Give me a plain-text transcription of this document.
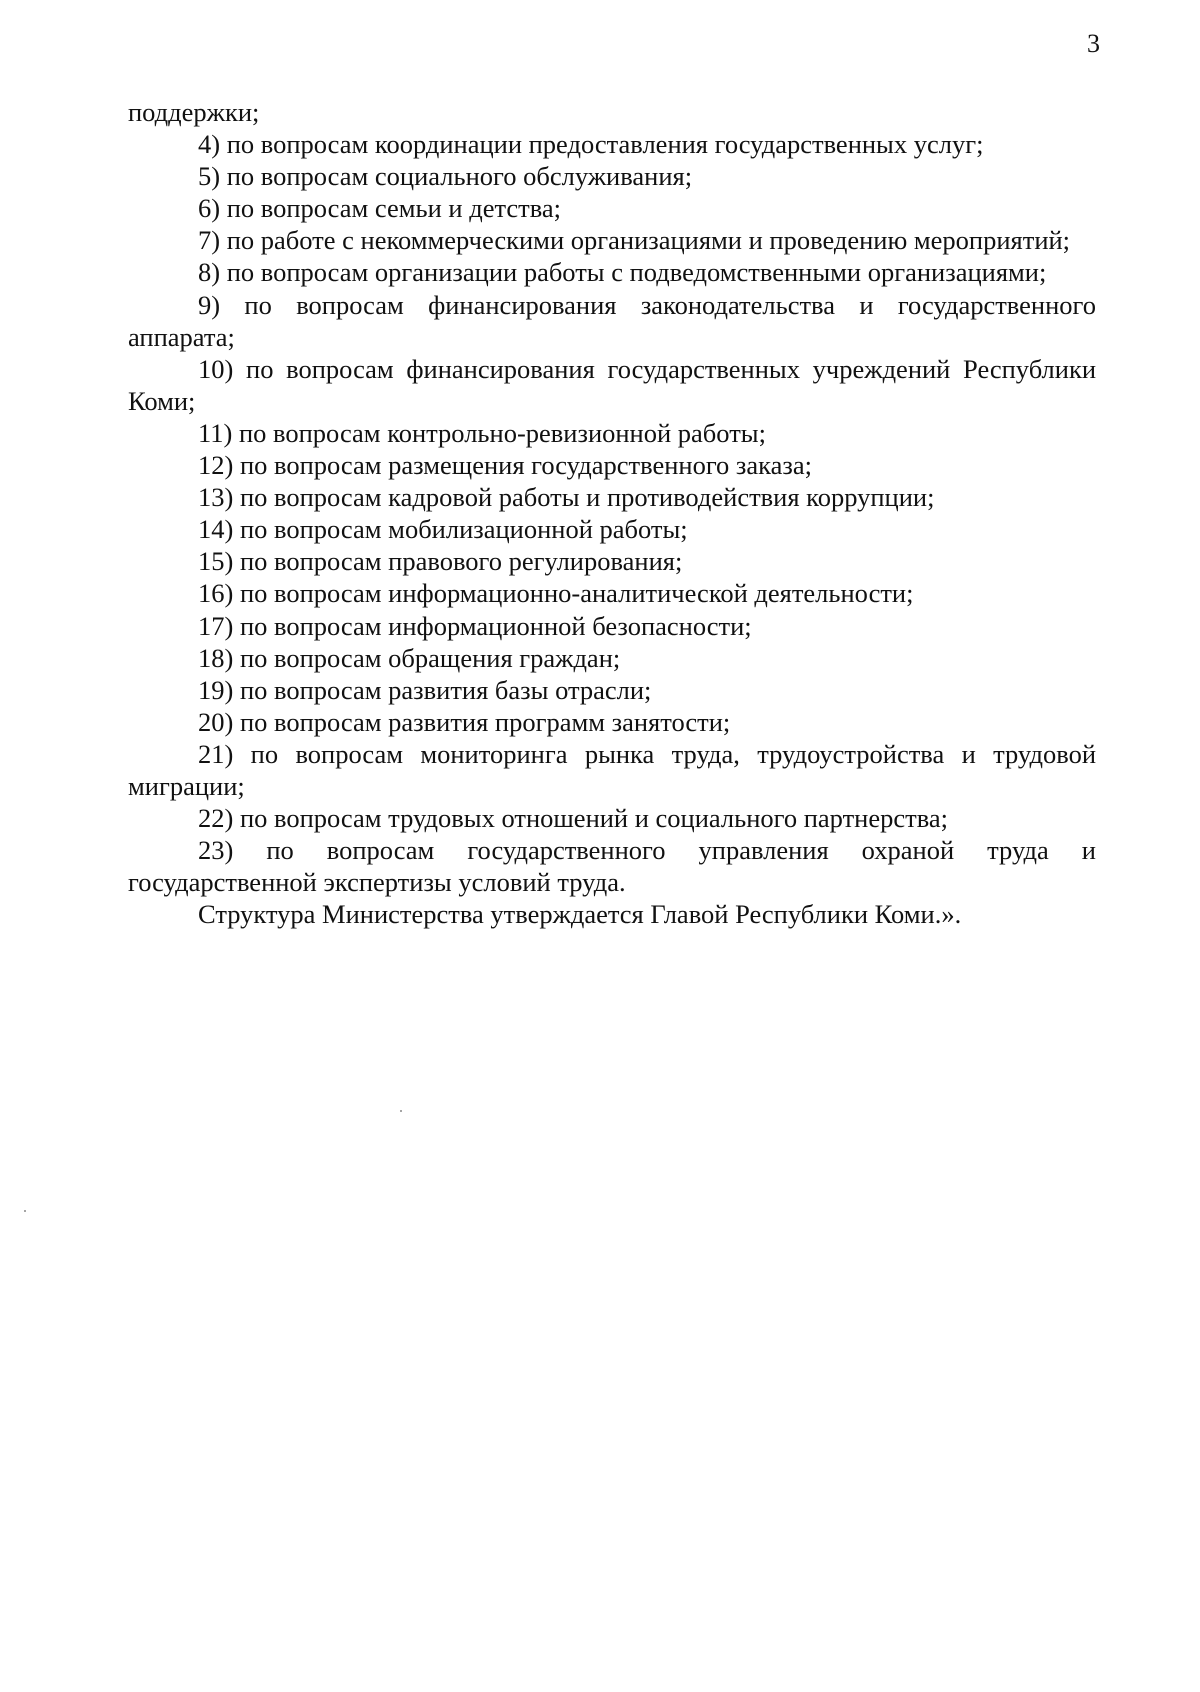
3

поддержки;

4) по вопросам координации предоставления государственных услуг;

5) по вопросам социального обслуживания;

6) по вопросам семьи и детства;

7) по работе с некоммерческими организациями и проведению мероприятий;

8) по вопросам организации работы с подведомственными организациями;

9) по вопросам финансирования законодательства и государственного аппарата;

10) по вопросам финансирования государственных учреждений Республики Коми;

11) по вопросам контрольно-ревизионной работы;

12) по вопросам размещения государственного заказа;

13) по вопросам кадровой работы и противодействия коррупции;

14) по вопросам мобилизационной работы;

15) по вопросам правового регулирования;

16) по вопросам информационно-аналитической деятельности;

17) по вопросам информационной безопасности;

18) по вопросам обращения граждан;

19) по вопросам развития базы отрасли;

20) по вопросам развития программ занятости;

21) по вопросам мониторинга рынка труда, трудоустройства и трудовой миграции;

22) по вопросам трудовых отношений и социального партнерства;

23) по вопросам государственного управления охраной труда и государственной экспертизы условий труда.

Структура Министерства утверждается Главой Республики Коми.».
